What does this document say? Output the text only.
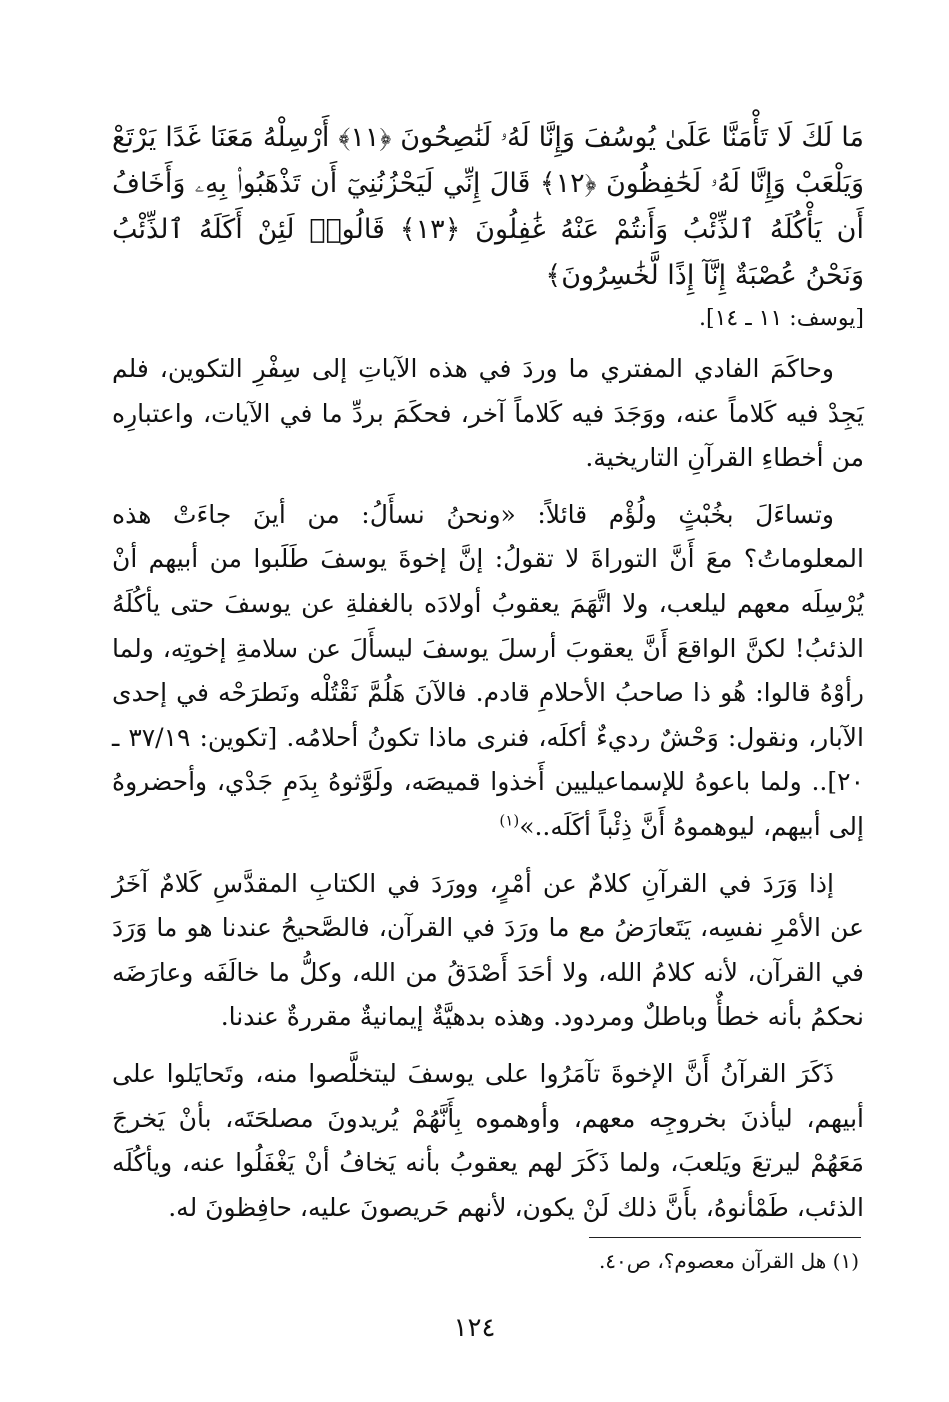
مَا لَكَ لَا تَأْمَنَّا عَلَىٰ يُوسُفَ وَإِنَّا لَهُۥ لَنَٰصِحُونَ ﴿١١﴾ أَرْسِلْهُ مَعَنَا غَدًا يَرْتَعْ وَيَلْعَبْ وَإِنَّا لَهُۥ لَحَٰفِظُونَ ﴿١٢﴾ قَالَ إِنِّي لَيَحْزُنُنِيٓ أَن تَذْهَبُوا۟ بِهِۦ وَأَخَافُ أَن يَأْكُلَهُ ٱلذِّئْبُ وَأَنتُمْ عَنْهُ غَٰفِلُونَ ﴿١٣﴾ قَالُوا۟ لَئِنْ أَكَلَهُ ٱلذِّئْبُ وَنَحْنُ عُصْبَةٌ إِنَّآ إِذًا لَّخَٰسِرُونَ﴾

[يوسف: ١١ ـ ١٤].

وحاكَمَ الفادي المفتري ما وردَ في هذه الآياتِ إلى سِفْرِ التكوين، فلم يَجِدْ فيه كَلاماً عنه، ووَجَدَ فيه كَلاماً آخر، فحكَمَ بردِّ ما في الآيات، واعتبارِه من أخطاءِ القرآنِ التاريخية.

وتساءَلَ بخُبْثٍ ولُؤْم قائلاً: «ونحنُ نسأَلُ: من أينَ جاءَتْ هذه المعلوماتُ؟ معَ أَنَّ التوراةَ لا تقولُ: إنَّ إخوةَ يوسفَ طَلَبوا من أبيهم أنْ يُرْسِلَه معهم ليلعب، ولا اتَّهَمَ يعقوبُ أولادَه بالغفلةِ عن يوسفَ حتى يأكُلَهُ الذئبُ! لكنَّ الواقعَ أَنَّ يعقوبَ أرسلَ يوسفَ ليسأَلَ عن سلامةِ إخوتِه، ولما رأوْهُ قالوا: هُو ذا صاحبُ الأحلامِ قادم. فالآنَ هَلُمَّ نَقْتُلْه ونَطرَحْه في إحدى الآبار، ونقول: وَحْشٌ رديءٌ أكلَه، فنرى ماذا تكونُ أحلامُه. [تكوين: ٣٧/١٩ ـ ٢٠].. ولما باعوهُ للإسماعيليين أَخذوا قميصَه، ولَوَّثوهُ بِدَمِ جَدْي، وأحضروهُ إلى أبيهم، ليوهموهُ أَنَّ ذِئْباً أكَلَه..»$^{(١)}$

إذا وَرَدَ في القرآنِ كلامٌ عن أمْرٍ، وورَدَ في الكتابِ المقدَّسِ كَلامٌ آخَرُ عن الأمْرِ نفسِه، يَتَعارَضُ مع ما ورَدَ في القرآن، فالصَّحيحُ عندنا هو ما وَرَدَ في القرآن، لأنه كلامُ الله، ولا أحَدَ أَصْدَقُ من الله، وكلُّ ما خالَفَه وعارَضَه نحكمُ بأنه خطأٌ وباطلٌ ومردود. وهذه بدهيَّةٌ إيمانيةٌ مقررةٌ عندنا.

ذَكَرَ القرآنُ أَنَّ الإخوةَ تآمَرُوا على يوسفَ ليتخلَّصوا منه، وتَحايَلوا على أبيهم، ليأذنَ بخروجِه معهم، وأوهموه بِأَنَّهُمْ يُريدونَ مصلحَتَه، بأنْ يَخرجَ مَعَهُمْ ليرتعَ ويَلعبَ، ولما ذَكَرَ لهم يعقوبُ بأنه يَخافُ أنْ يَغْفَلُوا عنه، ويأكُلَه الذئب، طَمْأنوهُ، بأَنَّ ذلك لَنْ يكون، لأنهم حَريصونَ عليه، حافِظونَ له.

(١) هل القرآن معصوم؟، ص٤٠.
١٢٤
